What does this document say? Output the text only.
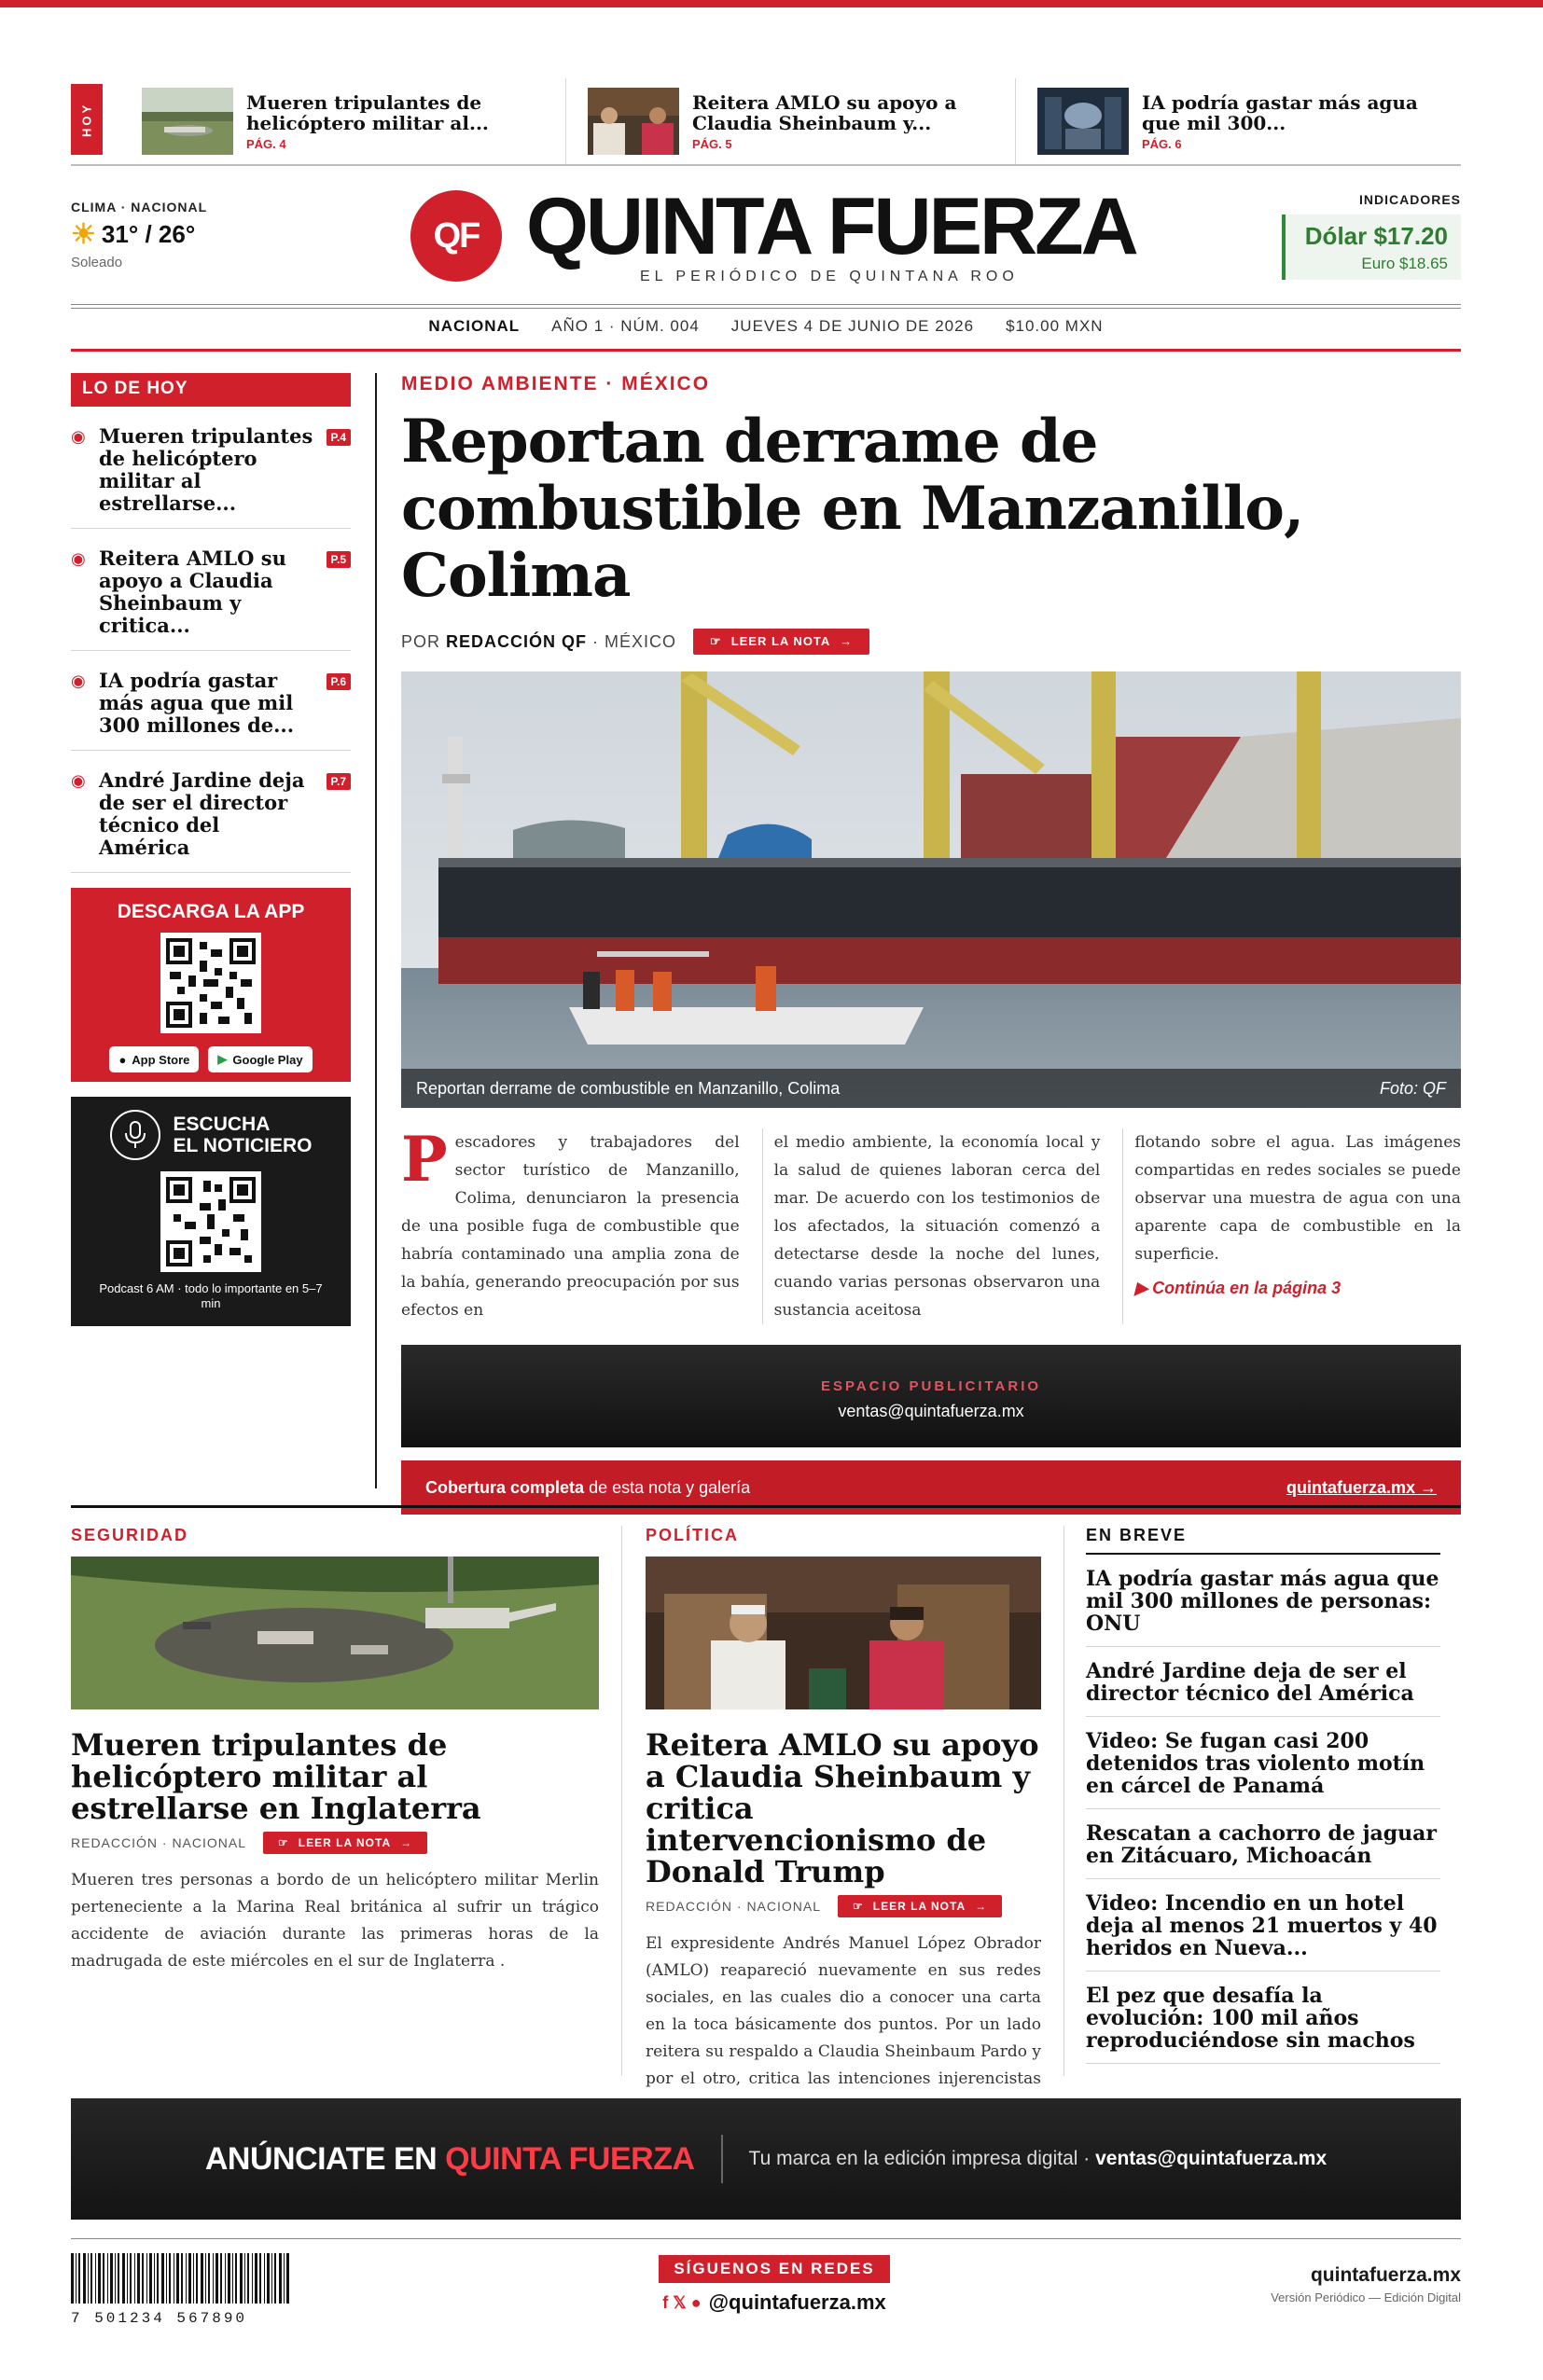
HOY	Mueren tripulantes de helicóptero militar al...
PÁG. 4
Reitera AMLO su apoyo a Claudia Sheinbaum y...
PÁG. 5
IA podría gastar más agua que mil 300...
PÁG. 6
CLIMA · NACIONAL
☀ 31° / 26°
Soleado
QF QUINTA FUERZA
EL PERIÓDICO DE QUINTANA ROO
INDICADORES
Dólar $17.20
Euro $18.65
NACIONAL AÑO 1 · NÚM. 004 JUEVES 4 DE JUNIO DE 2026 $10.00 MXN
LO DE HOY
◉ Mueren tripulantes de helicóptero militar al estrellarse...
P.4
◉ Reitera AMLO su apoyo a Claudia Sheinbaum y critica...
P.5
◉ IA podría gastar más agua que mil 300 millones de...
P.6
◉ André Jardine deja de ser el director técnico del América
P.7
DESCARGA LA APP
● App Store ▶ Google Play
Escanea con tu celular
ESCUCHA
EL NOTICIERO
Podcast 6 AM · todo lo importante en 5–7 min
MEDIO AMBIENTE · MÉXICO
Reportan derrame de combustible en Manzanillo, Colima
POR REDACCIÓN QF · MÉXICO	☞ LEER LA NOTA →
Reportan derrame de combustible en Manzanillo, Colima	Foto: QF
P escadores y trabajadores del sector turístico de Manzanillo, Colima, denunciaron la presencia de una posible fuga de combustible que habría contaminado una amplia zona de la bahía, generando preocupación por sus efectos en
el medio ambiente, la economía local y la salud de quienes laboran cerca del mar. De acuerdo con los testimonios de los afectados, la situación comenzó a detectarse desde la noche del lunes, cuando varias personas observaron una sustancia aceitosa
flotando sobre el agua. Las imágenes compartidas en redes sociales se puede observar una muestra de agua con una aparente capa de combustible en la superficie.
▶ Continúa en la página 3
ESPACIO PUBLICITARIO
ventas@quintafuerza.mx
Cobertura completa de esta nota y galería	quintafuerza.mx →
SEGURIDAD
Mueren tripulantes de helicóptero militar al estrellarse en Inglaterra
REDACCIÓN · NACIONAL	☞ LEER LA NOTA →
Mueren tres personas a bordo de un helicóptero militar Merlin perteneciente a la Marina Real británica al sufrir un trágico accidente de aviación durante las primeras horas de la madrugada de este miércoles en el sur de Inglaterra .
POLÍTICA
Reitera AMLO su apoyo a Claudia Sheinbaum y critica intervencionismo de Donald Trump
REDACCIÓN · NACIONAL	☞ LEER LA NOTA →
El expresidente Andrés Manuel López Obrador (AMLO) reapareció nuevamente en sus redes sociales, en las cuales dio a conocer una carta en la toca básicamente dos puntos. Por un lado reitera su respaldo a Claudia Sheinbaum Pardo y por el otro, critica las intenciones injerencistas
EN BREVE
IA podría gastar más agua que mil 300 millones de personas: ONU
André Jardine deja de ser el director técnico del América
Video: Se fugan casi 200 detenidos tras violento motín en cárcel de Panamá
Rescatan a cachorro de jaguar en Zitácuaro, Michoacán
Video: Incendio en un hotel deja al menos 21 muertos y 40 heridos en Nueva...
El pez que desafía la evolución: 100 mil años reproduciéndose sin machos
ANÚNCIATE EN QUINTA FUERZA	Tu marca en la edición impresa digital · ventas@quintafuerza.mx
7 501234 567890
SÍGUENOS EN REDES
f 𝕏 ● @quintafuerza.mx
quintafuerza.mx
Versión Periódico — Edición Digital
